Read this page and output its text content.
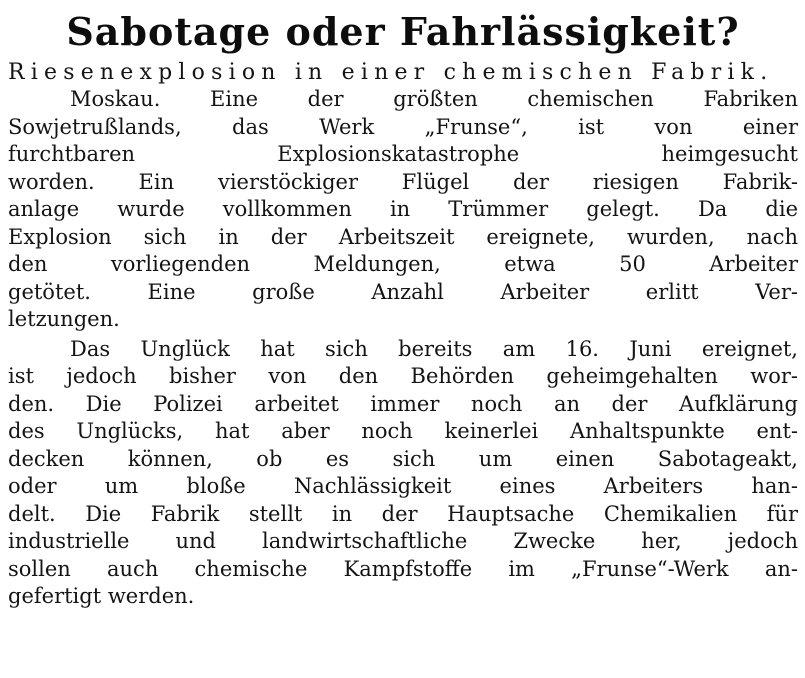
Sabotage oder Fahrlässigkeit?
Riesenexplosion in einer chemischen Fabrik.
Moskau. Eine der größten chemischen Fabriken
Sowjetrußlands, das Werk „Frunse“, ist von einer
furchtbaren Explosionskatastrophe heimgesucht
worden. Ein vierstöckiger Flügel der riesigen Fabrik-
anlage wurde vollkommen in Trümmer gelegt. Da die
Explosion sich in der Arbeitszeit ereignete, wurden, nach
den vorliegenden Meldungen, etwa 50 Arbeiter
getötet. Eine große Anzahl Arbeiter erlitt Ver-
letzungen.
Das Unglück hat sich bereits am 16. Juni ereignet,
ist jedoch bisher von den Behörden geheimgehalten wor-
den. Die Polizei arbeitet immer noch an der Aufklärung
des Unglücks, hat aber noch keinerlei Anhaltspunkte ent-
decken können, ob es sich um einen Sabotageakt,
oder um bloße Nachlässigkeit eines Arbeiters han-
delt. Die Fabrik stellt in der Hauptsache Chemikalien für
industrielle und landwirtschaftliche Zwecke her, jedoch
sollen auch chemische Kampfstoffe im „Frunse“-Werk an-
gefertigt werden.
